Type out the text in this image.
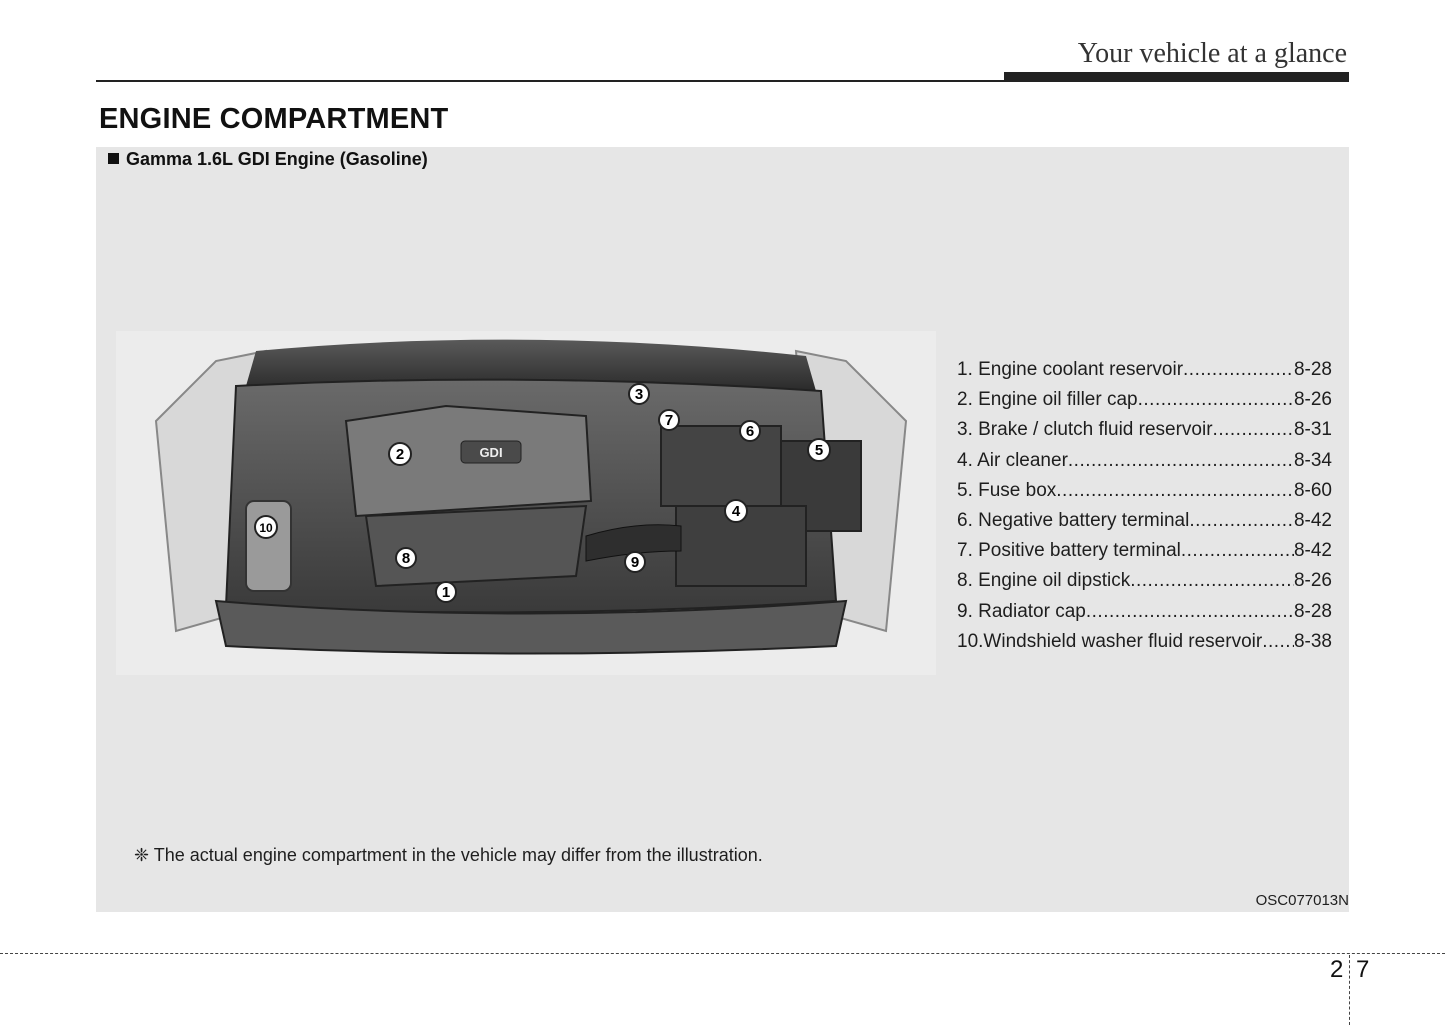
Your vehicle at a glance
ENGINE COMPARTMENT
Gamma 1.6L GDI Engine (Gasoline)
GDI
1
2
3
4
5
6
7
8	9
10
1. Engine coolant reservoir .....	8-28
2. Engine oil filler cap .....	8-26
3. Brake / clutch fluid reservoir .....	8-31
4. Air cleaner .....	8-34
5. Fuse box .....	8-60
6. Negative battery terminal .....	8-42
7. Positive battery terminal .....	8-42
8. Engine oil dipstick .....	8-26
9. Radiator cap .....	8-28
10.Windshield washer fluid reservoir ..... 8-38
❈ The actual engine compartment in the vehicle may differ from the illustration.
OSC077013N
2 7
